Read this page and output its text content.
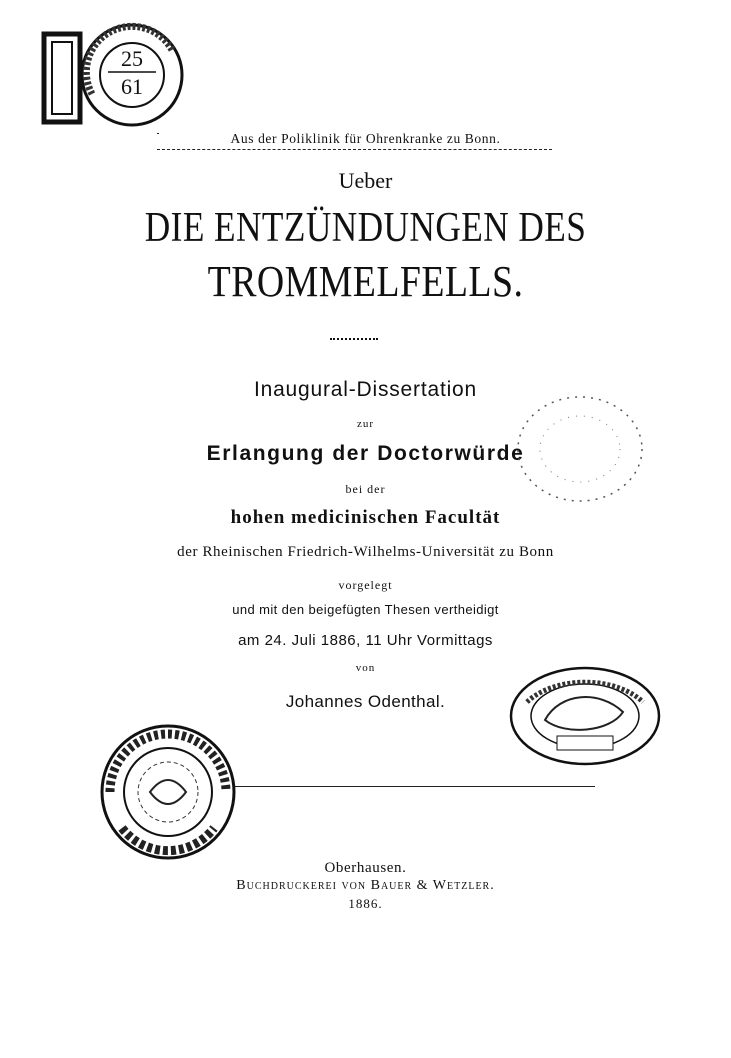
25
61
Aus der Poliklinik für Ohrenkranke zu Bonn.
Ueber
DIE ENTZÜNDUNGEN DES
TROMMELFELLS.
Inaugural-Dissertation
zur
Erlangung der Doctorwürde
bei der
hohen medicinischen Facultät
der Rheinischen Friedrich-Wilhelms-Universität zu Bonn
vorgelegt
und mit den beigefügten Thesen vertheidigt
am 24. Juli 1886, 11 Uhr Vormittags
von
Johannes Odenthal.
Oberhausen.
Buchdruckerei von Bauer & Wetzler.
1886.
